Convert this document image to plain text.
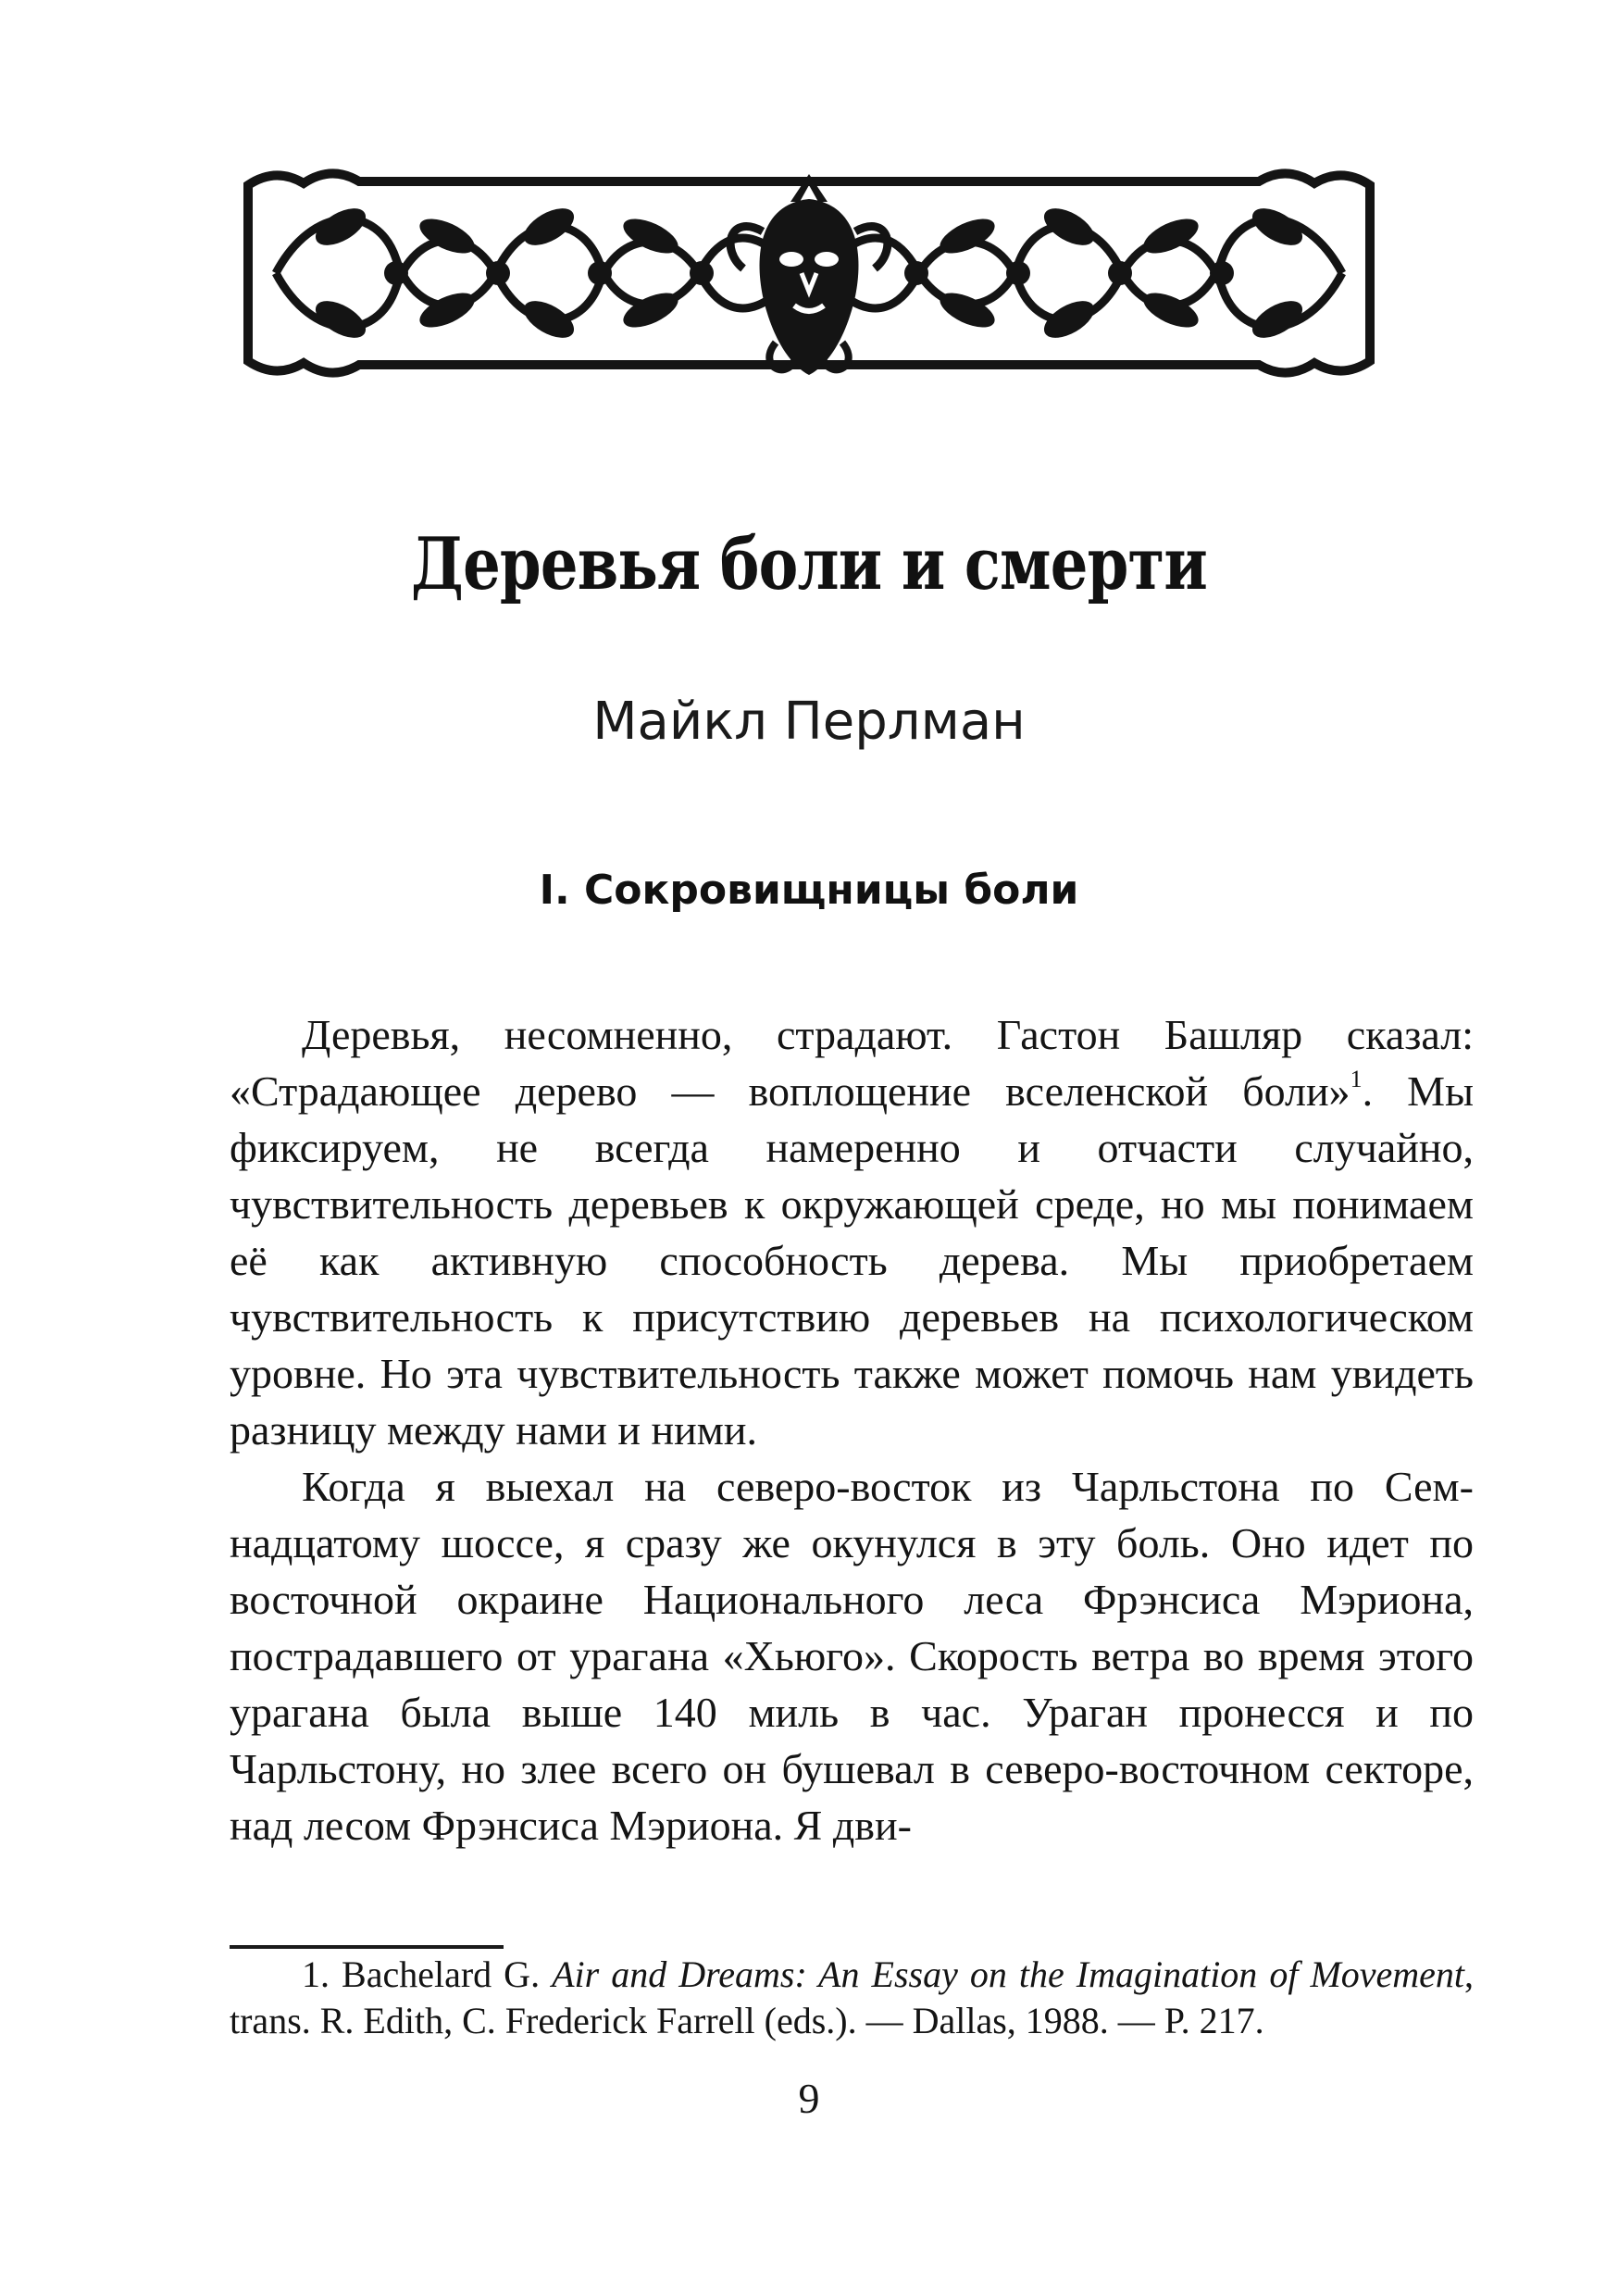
Деревья боли и смерти
Майкл Перлман
I. Сокровищницы боли

Деревья, несомненно, страдают. Гастон Башляр сказал: «Страдающее дерево — воплощение вселенской боли»$^1$. Мы фиксируем, не всегда намеренно и отчасти случайно, чувствительность деревьев к окружающей среде, но мы понимаем её как активную способность дерева. Мы приобретаем чувствительность к присутствию деревьев на психологическом уровне. Но эта чувствительность также может помочь нам увидеть разницу между нами и ними.

Когда я выехал на северо-восток из Чарльстона по Семнадцатому шоссе, я сразу же окунулся в эту боль. Оно идет по восточной окраине Национального леса Фрэнсиса Мэриона, пострадавшего от урагана «Хьюго». Скорость ветра во время этого урагана была выше 140 миль в час. Ураган пронесся и по Чарльстону, но злее всего он бушевал в северо-восточном секторе, над лесом Фрэнсиса Мэриона. Я дви-

1. Bachelard G. Air and Dreams: An Essay on the Imagination of Movement, trans. R. Edith, C. Frederick Farrell (eds.). — Dallas, 1988. — P. 217.

9
